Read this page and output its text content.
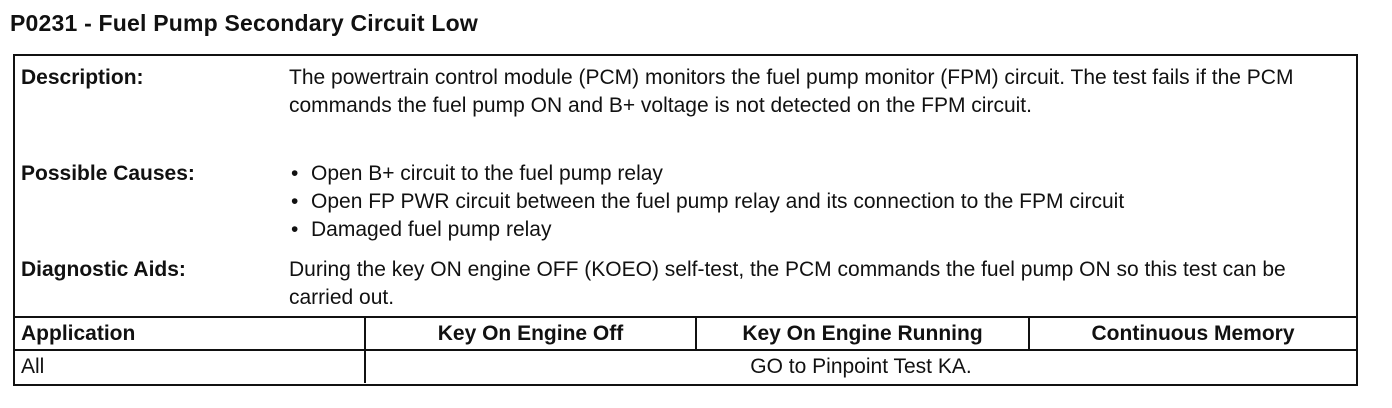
P0231 - Fuel Pump Secondary Circuit Low
Description:	The powertrain control module (PCM) monitors the fuel pump monitor (FPM) circuit. The test fails if the PCM commands the fuel pump ON and B+ voltage is not detected on the FPM circuit.
Possible Causes:	• Open B+ circuit to the fuel pump relay
• Open FP PWR circuit between the fuel pump relay and its connection to the FPM circuit
• Damaged fuel pump relay
Diagnostic Aids:	During the key ON engine OFF (KOEO) self-test, the PCM commands the fuel pump ON so this test can be carried out.
Application	Key On Engine Off	Key On Engine Running	Continuous Memory
All	GO to Pinpoint Test KA.		
